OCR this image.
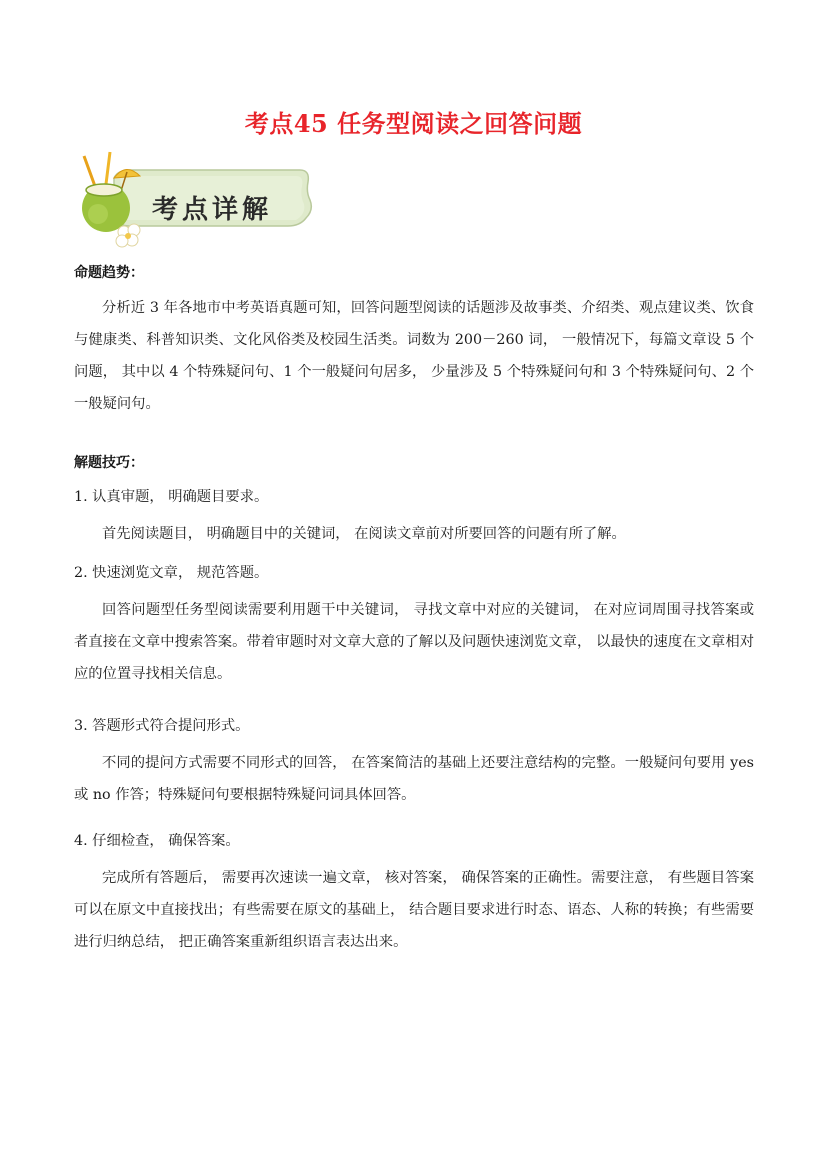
考点45 任务型阅读之回答问题
考点详解
命题趋势：
分析近 3 年各地市中考英语真题可知，回答问题型阅读的话题涉及故事类、介绍类、观点建议类、饮食与健康类、科普知识类、文化风俗类及校园生活类。词数为 200－260 词， 一般情况下，每篇文章设 5 个问题， 其中以 4 个特殊疑问句、1 个一般疑问句居多， 少量涉及 5 个特殊疑问句和 3 个特殊疑问句、2 个一般疑问句。
解题技巧：
1. 认真审题， 明确题目要求。
首先阅读题目， 明确题目中的关键词， 在阅读文章前对所要回答的问题有所了解。
2. 快速浏览文章， 规范答题。
回答问题型任务型阅读需要利用题干中关键词， 寻找文章中对应的关键词， 在对应词周围寻找答案或者直接在文章中搜索答案。带着审题时对文章大意的了解以及问题快速浏览文章， 以最快的速度在文章相对应的位置寻找相关信息。
3. 答题形式符合提问形式。
不同的提问方式需要不同形式的回答， 在答案简洁的基础上还要注意结构的完整。一般疑问句要用 yes 或 no 作答；特殊疑问句要根据特殊疑问词具体回答。
4. 仔细检查， 确保答案。
完成所有答题后， 需要再次速读一遍文章， 核对答案， 确保答案的正确性。需要注意， 有些题目答案可以在原文中直接找出；有些需要在原文的基础上， 结合题目要求进行时态、语态、人称的转换；有些需要进行归纳总结， 把正确答案重新组织语言表达出来。
